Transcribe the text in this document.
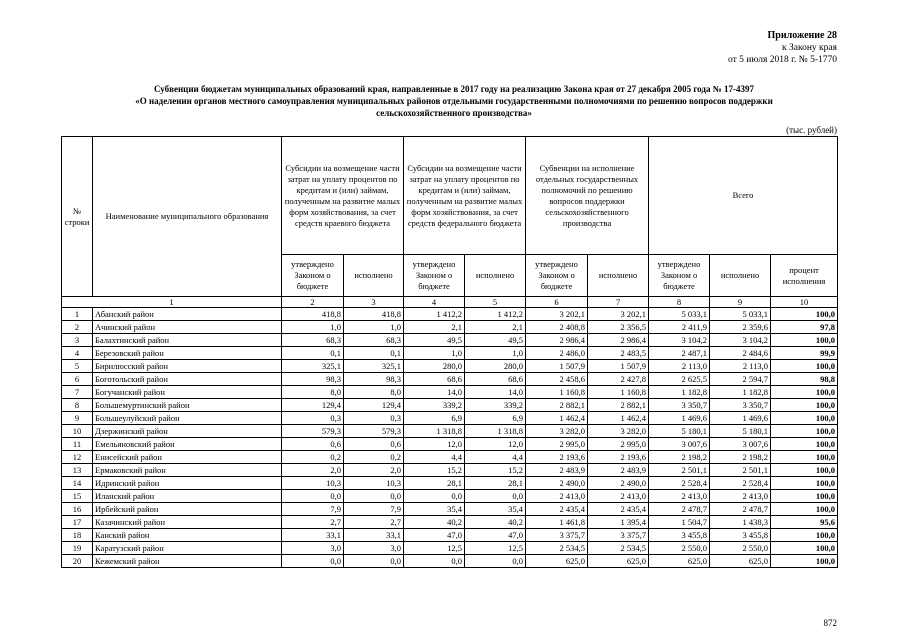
Приложение 28
к Закону края
от 5 июля 2018 г. № 5-1770
Субвенции бюджетам муниципальных образований края, направленные в 2017 году на реализацию Закона края от 27 декабря 2005 года № 17-4397
«О наделении органов местного самоуправления муниципальных районов отдельными государственными полномочиями по решению вопросов поддержки
сельскохозяйственного производства»
(тыс. рублей)
№ строки	Наименование муниципального образования	Субсидии на возмещение части затрат на уплату процентов по кредитам и (или) займам, полученным на развитие малых форм хозяйствования, за счет средств краевого бюджета		Субсидии на возмещение части затрат на уплату процентов по кредитам и (или) займам, полученным на развитие малых форм хозяйствования, за счет средств федерального бюджета		Субвенции на исполнение отдельных государственных полномочий по решению вопросов поддержки сельскохозяйственного производства		Всего		
		утверждено Законом о бюджете	исполнено	утверждено Законом о бюджете	исполнено	утверждено Законом о бюджете	исполнено	утверждено Законом о бюджете	исполнено	процент исполнения
1		2	3	4	5	6	7	8	9	10
1	Абанский район	418,8	418,8	1 412,2	1 412,2	3 202,1	3 202,1	5 033,1	5 033,1	100,0
2	Ачинский район	1,0	1,0	2,1	2,1	2 408,8	2 356,5	2 411,9	2 359,6	97,8
3	Балахтинский район	68,3	68,3	49,5	49,5	2 986,4	2 986,4	3 104,2	3 104,2	100,0
4	Березовский район	0,1	0,1	1,0	1,0	2 486,0	2 483,5	2 487,1	2 484,6	99,9
5	Бирилюсский район	325,1	325,1	280,0	280,0	1 507,9	1 507,9	2 113,0	2 113,0	100,0
6	Боготольский район	98,3	98,3	68,6	68,6	2 458,6	2 427,8	2 625,5	2 594,7	98,8
7	Богучанский район	8,0	8,0	14,0	14,0	1 160,8	1 160,8	1 182,8	1 182,8	100,0
8	Большемуртинский район	129,4	129,4	339,2	339,2	2 882,1	2 882,1	3 350,7	3 350,7	100,0
9	Большеулуйский район	0,3	0,3	6,9	6,9	1 462,4	1 462,4	1 469,6	1 469,6	100,0
10	Дзержинский район	579,3	579,3	1 318,8	1 318,8	3 282,0	3 282,0	5 180,1	5 180,1	100,0
11	Емельяновский район	0,6	0,6	12,0	12,0	2 995,0	2 995,0	3 007,6	3 007,6	100,0
12	Енисейский район	0,2	0,2	4,4	4,4	2 193,6	2 193,6	2 198,2	2 198,2	100,0
13	Ермаковский район	2,0	2,0	15,2	15,2	2 483,9	2 483,9	2 501,1	2 501,1	100,0
14	Идринский район	10,3	10,3	28,1	28,1	2 490,0	2 490,0	2 528,4	2 528,4	100,0
15	Иланский район	0,0	0,0	0,0	0,0	2 413,0	2 413,0	2 413,0	2 413,0	100,0
16	Ирбейский район	7,9	7,9	35,4	35,4	2 435,4	2 435,4	2 478,7	2 478,7	100,0
17	Казачинский район	2,7	2,7	40,2	40,2	1 461,8	1 395,4	1 504,7	1 438,3	95,6
18	Канский район	33,1	33,1	47,0	47,0	3 375,7	3 375,7	3 455,8	3 455,8	100,0
19	Каратузский район	3,0	3,0	12,5	12,5	2 534,5	2 534,5	2 550,0	2 550,0	100,0
20	Кежемский район	0,0	0,0	0,0	0,0	625,0	625,0	625,0	625,0	100,0
872
